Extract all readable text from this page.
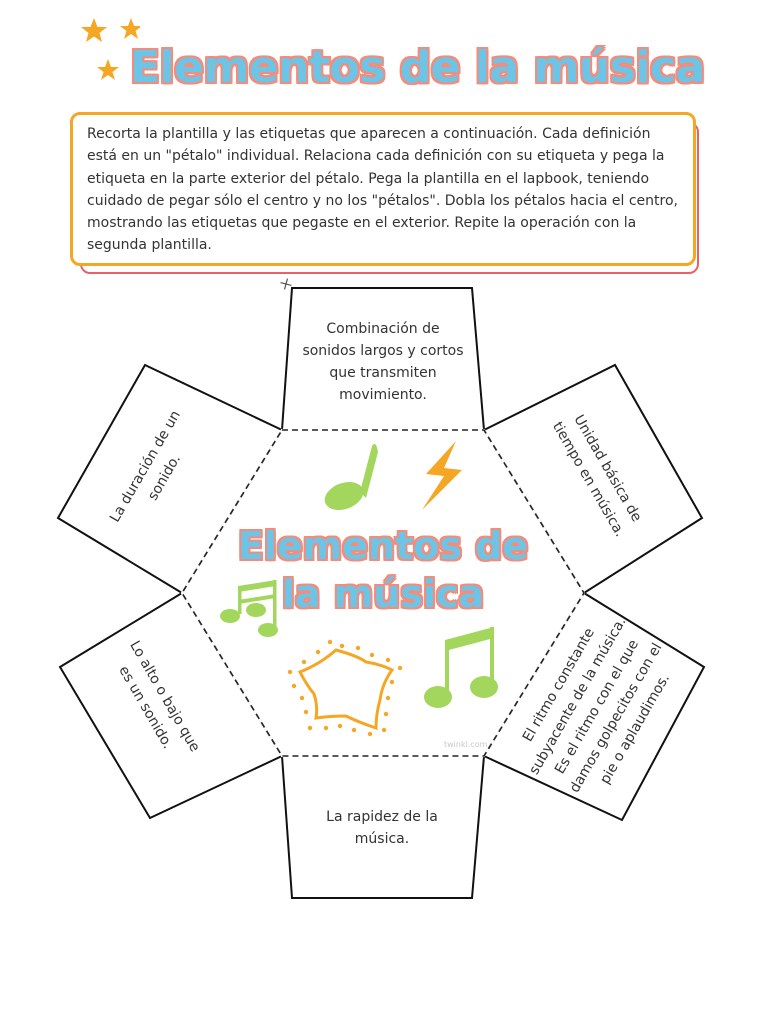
Elementos de la música
Recorta la plantilla y las etiquetas que aparecen a continuación. Cada definición está en un "pétalo" individual. Relaciona cada definición con su etiqueta y pega la etiqueta en la parte exterior del pétalo. Pega la plantilla en el lapbook, teniendo cuidado de pegar sólo el centro y no los "pétalos". Dobla los pétalos hacia el centro, mostrando las etiquetas que pegaste en el exterior. Repite la operación con la segunda plantilla.
Elementos de
la música
twinkl.com
Combinación de sonidos largos y cortos que transmiten movimiento.
La duración de un sonido.	Unidad básica de tiempo en música.
Lo alto o bajo que es un sonido.	El ritmo constante subyacente de la música. Es el ritmo con el que damos golpecitos con el pie o aplaudimos.
La rapidez de la música.
